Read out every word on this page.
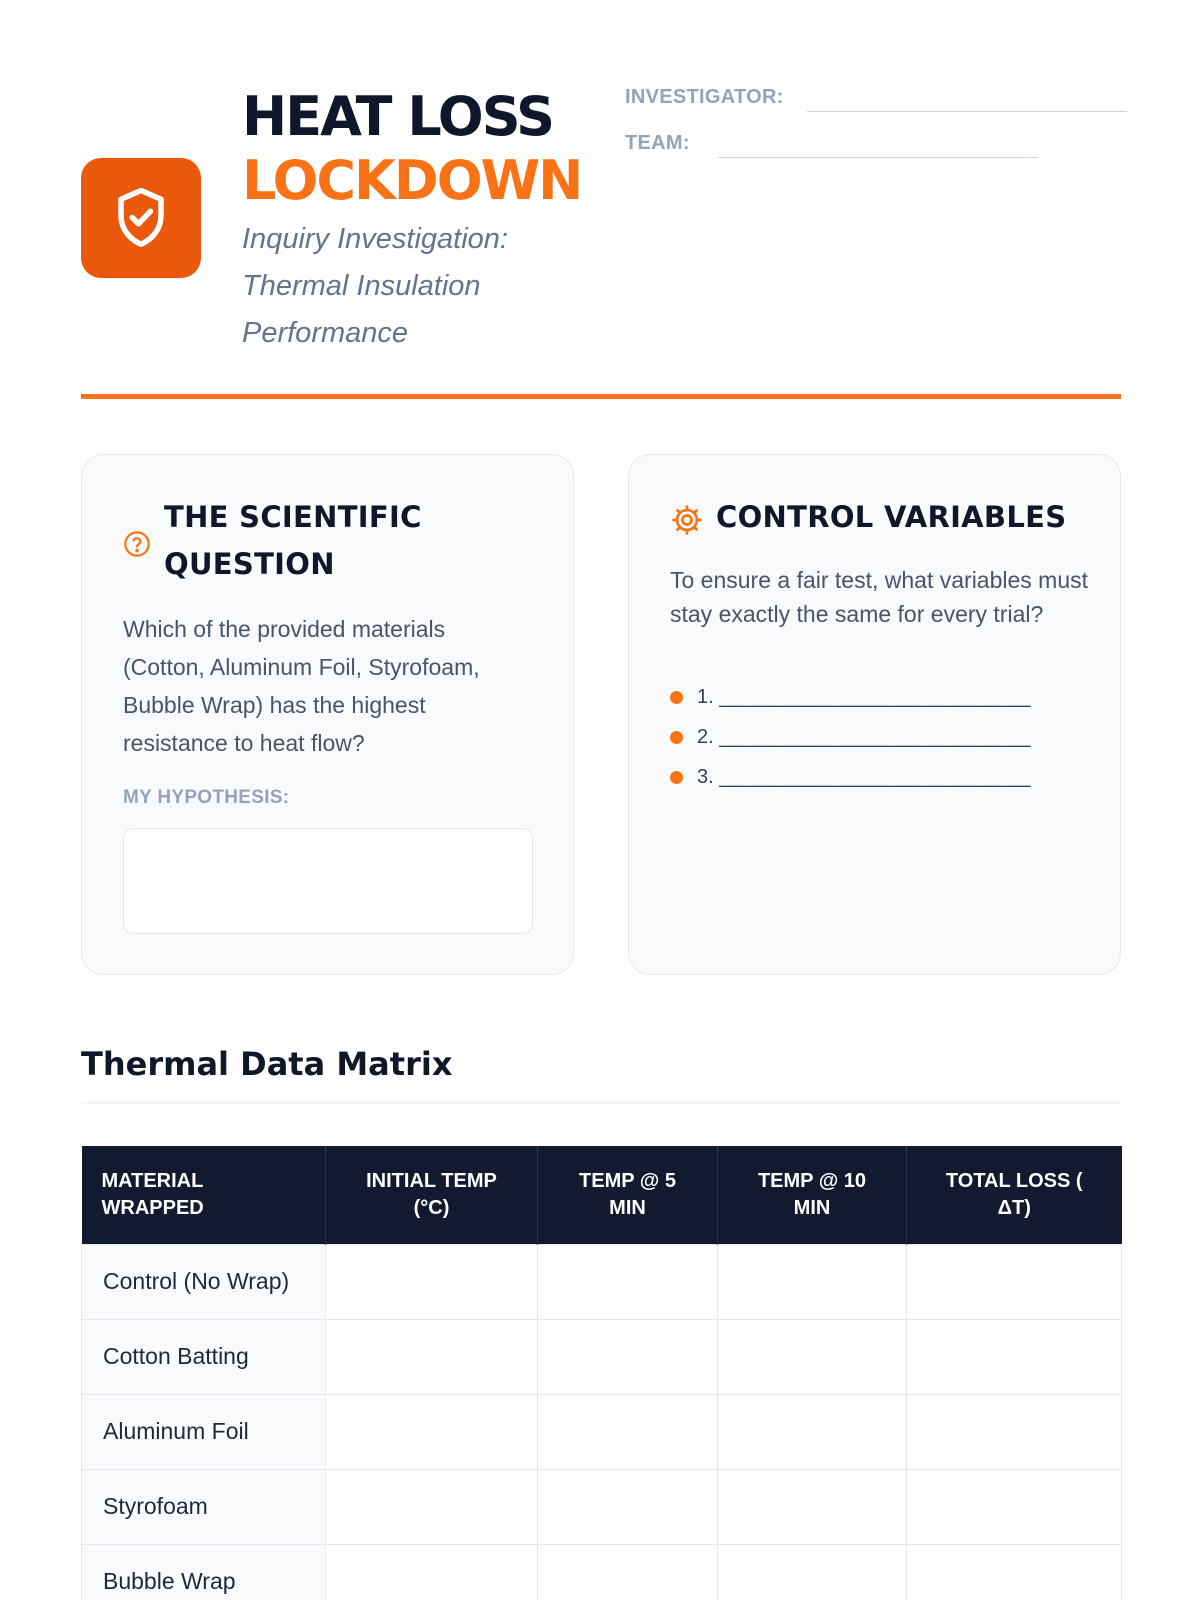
HEAT LOSS
LOCKDOWN
Inquiry Investigation: Thermal Insulation Performance
INVESTIGATOR:
TEAM:
THE SCIENTIFIC QUESTION
Which of the provided materials (Cotton, Aluminum Foil, Styrofoam, Bubble Wrap) has the highest resistance to heat flow?
MY HYPOTHESIS:
CONTROL VARIABLES
To ensure a fair test, what variables must stay exactly the same for every trial?
1. ____________________________
2. ____________________________
3. ____________________________
Thermal Data Matrix
MATERIAL WRAPPED	INITIAL TEMP (°C)	TEMP @ 5 MIN	TEMP @ 10 MIN	TOTAL LOSS ( ΔT)
Control (No Wrap)				
Cotton Batting				
Aluminum Foil				
Styrofoam				
Bubble Wrap				
